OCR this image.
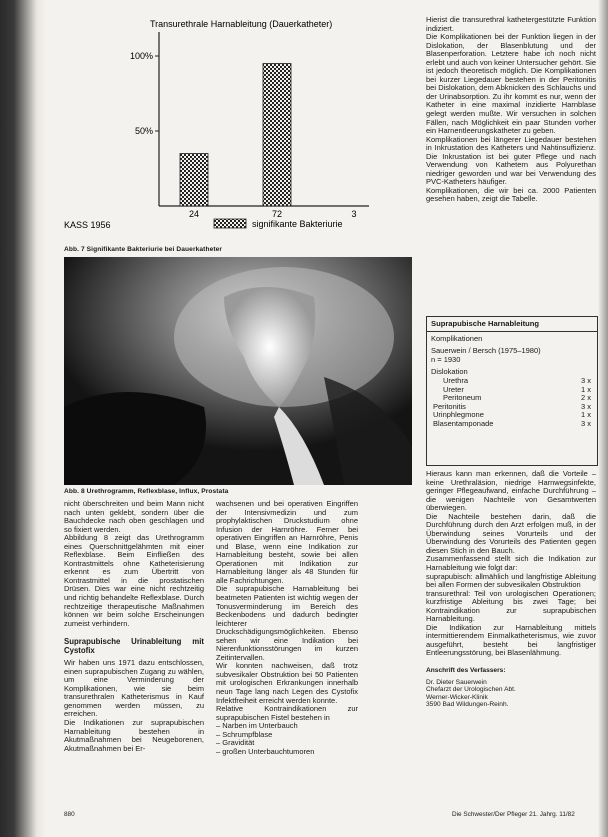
Transurethrale Harnableitung (Dauerkatheter)
100%
50%
24	72	3
KASS 1956	signifikante Bakteriurie
Abb. 7 Signifikante Bakteriurie bei Dauerkatheter
Abb. 8 Urethrogramm, Reflexblase, Influx, Prostata

nicht überschreiten und beim Mann nicht nach unten geklebt, sondern über die Bauchdecke nach oben geschlagen und so fixiert werden.

Abbildung 8 zeigt das Urethrogramm eines Querschnittgelähmten mit einer Reflexblase. Beim Einfließen des Kontrastmittels ohne Katheterisierung erkennt es zum Übertritt von Kontrastmittel in die prostatischen Drüsen. Dies war eine nicht rechtzeitig und richtig behandelte Reflexblase. Durch rechtzeitige therapeutische Maßnahmen können wir beim solche Erscheinungen zumeist verhindern.

Suprapubische Urinableitung mit Cystofix

Wir haben uns 1971 dazu entschlossen, einen suprapubischen Zugang zu wählen, um eine Verminderung der Komplikationen, wie sie beim transurethralen Katheterismus in Kauf genommen werden müssen, zu erreichen.

Die Indikationen zur suprapubischen Harnableitung bestehen in Akutmaßnahmen bei Neugeborenen, Akutmaßnahmen bei Er-

wachsenen und bei operativen Eingriffen der Intensivmedizin und zum prophylaktischen Druckstudium ohne Infusion der Harnröhre. Ferner bei operativen Eingriffen an Harnröhre, Penis und Blase, wenn eine Indikation zur Harnableitung besteht, sowie bei allen Operationen mit Indikation zur Harnableitung länger als 48 Stunden für alle Fachrichtungen.

Die suprapubische Harnableitung bei beatmeten Patienten ist wichtig wegen der Tonusverminderung im Bereich des Beckenbodens und dadurch bedingter leichterer Druckschädigungsmöglichkeiten. Ebenso sehen wir eine Indikation bei Nierenfunktionsstörungen im kurzen Zeitintervallen.

Wir konnten nachweisen, daß trotz subvesikaler Obstruktion bei 50 Patienten mit urologischen Erkrankungen innerhalb neun Tage lang nach Legen des Cystofix Infektfreiheit erreicht werden konnte.

Relative Kontraindikationen zur suprapubischen Fistel bestehen in

– Narben im Unterbauch

– Schrumpfblase

– Gravidität

– großen Unterbauchtumoren

Hierist die transurethral kathetergestützte Funktion indiziert.

Die Komplikationen bei der Funktion liegen in der Dislokation, der Blasenblutung und der Blasenperforation. Letztere habe ich noch nicht erlebt und auch von keiner Untersucher gehört. Sie ist jedoch theoretisch möglich. Die Komplikationen bei kurzer Liegedauer bestehen in der Peritonitis bei Dislokation, dem Abknicken des Schlauchs und der Urinabsorption. Zu ihr kommt es nur, wenn der Katheter in eine maximal inzidierte Harnblase gelegt werden mußte. Wir versuchen in solchen Fällen, nach Möglichkeit ein paar Stunden vorher ein Harnentleerungskatheter zu geben.

Komplikationen bei längerer Liegedauer bestehen in Inkrustation des Katheters und Nahtinsuffizienz. Die Inkrustation ist bei guter Pflege und nach Verwendung von Kathetern aus Polyurethan niedriger geworden und war bei Verwendung des PVC-Katheters häufiger.

Komplikationen, die wir bei ca. 2000 Patienten gesehen haben, zeigt die Tabelle.

Suprapubische Harnableitung
Komplikationen
Sauerwein / Bersch (1975–1980)
n = 1930
Dislokation
Urethra	3 x
Ureter	1 x
Peritoneum	2 x
Peritonitis	3 x
Urinphlegmone	1 x
Blasentamponade	3 x

Hieraus kann man erkennen, daß die Vorteile – keine Urethraläsion, niedrige Harnwegsinfekte, geringer Pflegeaufwand, einfache Durchführung – die wenigen Nachteile von Gesamtwerten überwiegen.

Die Nachteile bestehen darin, daß die Durchführung durch den Arzt erfolgen muß, in der Überwindung seines Vorurteils und der Überwindung des Vorurteils des Patienten gegen diesen Stich in den Bauch.

Zusammenfassend stellt sich die Indikation zur Harnableitung wie folgt dar:

suprapubisch: allmählich und langfristige Ableitung bei allen Formen der subvesikalen Obstruktion

transurethral: Teil von urologischen Operationen; kurzfristige Ableitung bis zwei Tage; bei Kontraindikation zur suprapubischen Harnableitung.

Die Indikation zur Harnableitung mittels intermittierendem Einmalkatheterismus, wie zuvor ausgeführt, besteht bei langfristiger Entleerungsstörung, bei Blasenlähmung.

Anschrift des Verfassers:
Dr. Dieter Sauerwein
Chefarzt der Urologischen Abt.
Werner-Wicker-Klinik
3590 Bad Wildungen-Reinh.
880	Die Schwester/Der Pfleger 21. Jahrg. 11/82
